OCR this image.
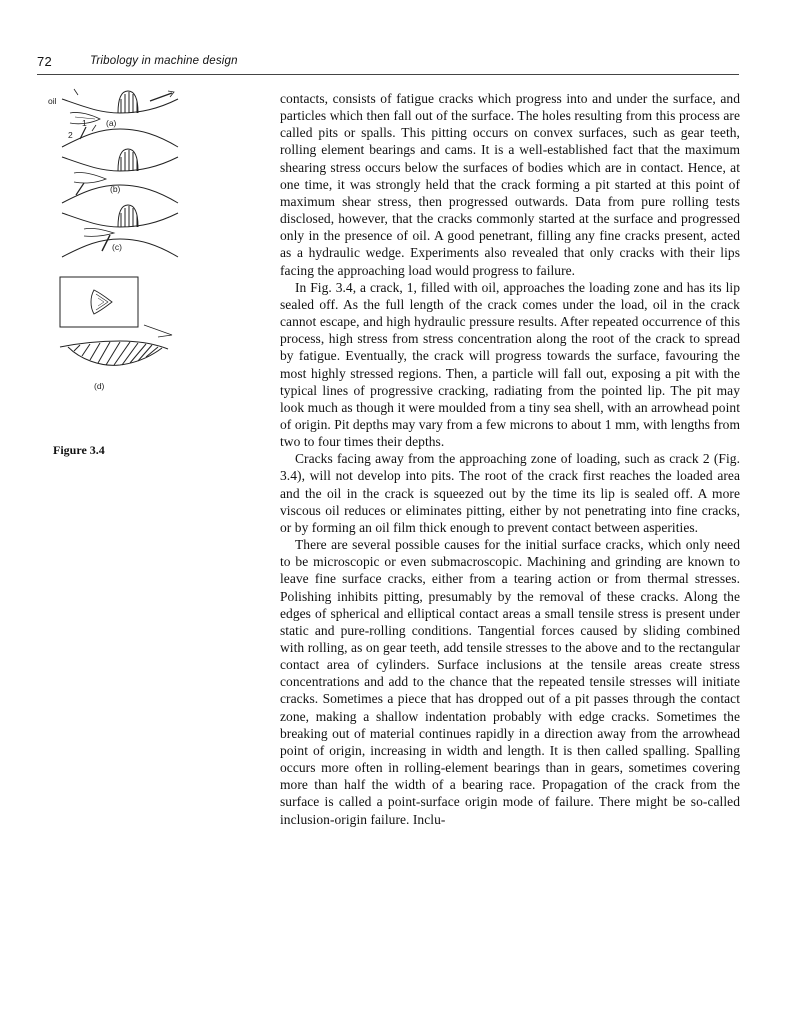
72	Tribology in machine design
oil
1
2
(a)
(b)
(c)
(d)
Figure 3.4

contacts, consists of fatigue cracks which progress into and under the surface, and particles which then fall out of the surface. The holes resulting from this process are called pits or spalls. This pitting occurs on convex surfaces, such as gear teeth, rolling element bearings and cams. It is a well-established fact that the maximum shearing stress occurs below the surfaces of bodies which are in contact. Hence, at one time, it was strongly held that the crack forming a pit started at this point of maximum shear stress, then progressed outwards. Data from pure rolling tests disclosed, however, that the cracks commonly started at the surface and progressed only in the presence of oil. A good penetrant, filling any fine cracks present, acted as a hydraulic wedge. Experiments also revealed that only cracks with their lips facing the approaching load would progress to failure.

In Fig. 3.4, a crack, 1, filled with oil, approaches the loading zone and has its lip sealed off. As the full length of the crack comes under the load, oil in the crack cannot escape, and high hydraulic pressure results. After repeated occurrence of this process, high stress from stress concentration along the root of the crack to spread by fatigue. Eventually, the crack will progress towards the surface, favouring the most highly stressed regions. Then, a particle will fall out, exposing a pit with the typical lines of progressive cracking, radiating from the pointed lip. The pit may look much as though it were moulded from a tiny sea shell, with an arrowhead point of origin. Pit depths may vary from a few microns to about 1 mm, with lengths from two to four times their depths.

Cracks facing away from the approaching zone of loading, such as crack 2 (Fig. 3.4), will not develop into pits. The root of the crack first reaches the loaded area and the oil in the crack is squeezed out by the time its lip is sealed off. A more viscous oil reduces or eliminates pitting, either by not penetrating into fine cracks, or by forming an oil film thick enough to prevent contact between asperities.

There are several possible causes for the initial surface cracks, which only need to be microscopic or even submacroscopic. Machining and grinding are known to leave fine surface cracks, either from a tearing action or from thermal stresses. Polishing inhibits pitting, presumably by the removal of these cracks. Along the edges of spherical and elliptical contact areas a small tensile stress is present under static and pure-rolling conditions. Tangential forces caused by sliding combined with rolling, as on gear teeth, add tensile stresses to the above and to the rectangular contact area of cylinders. Surface inclusions at the tensile areas create stress concentrations and add to the chance that the repeated tensile stresses will initiate cracks. Sometimes a piece that has dropped out of a pit passes through the contact zone, making a shallow indentation probably with edge cracks. Sometimes the breaking out of material continues rapidly in a direction away from the arrowhead point of origin, increasing in width and length. It is then called spalling. Spalling occurs more often in rolling-element bearings than in gears, sometimes covering more than half the width of a bearing race. Propagation of the crack from the surface is called a point-surface origin mode of failure. There might be so-called inclusion-origin failure. Inclu-
